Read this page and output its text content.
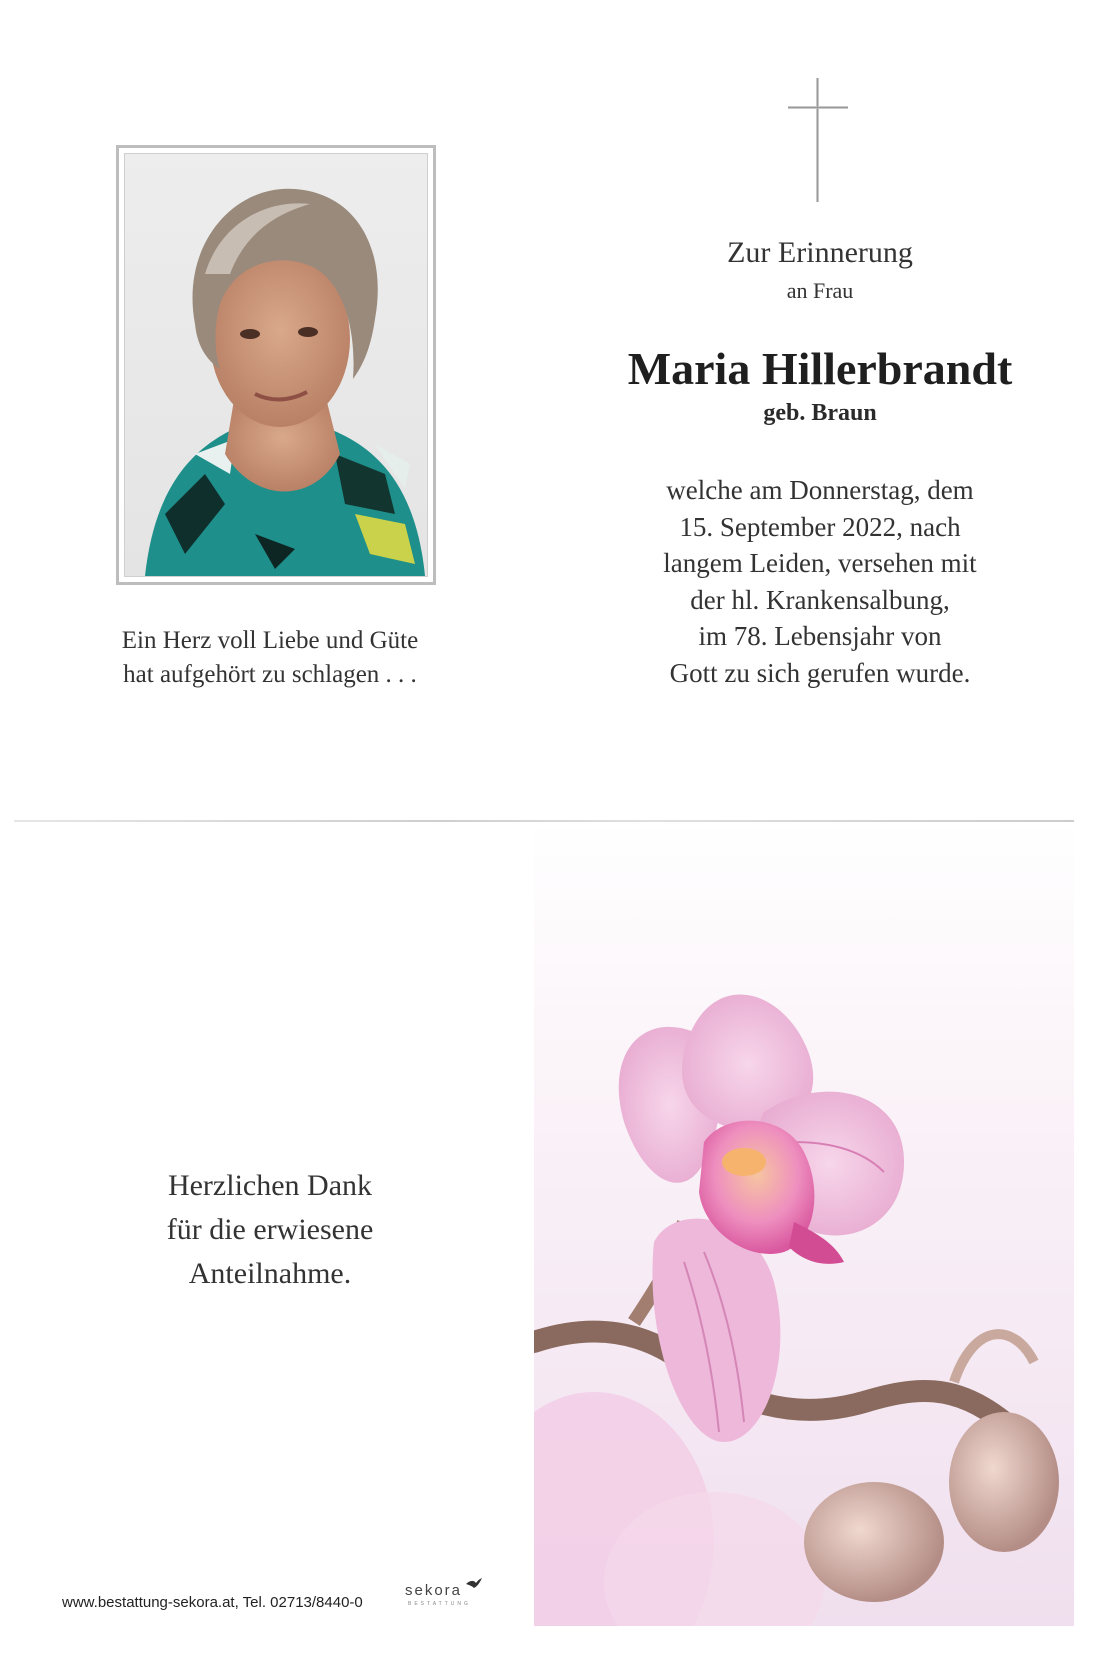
Ein Herz voll Liebe und Güte
hat aufgehört zu schlagen . . .
Zur Erinnerung
an Frau
Maria Hillerbrandt
geb. Braun
welche am Donnerstag, dem
15. September 2022, nach
langem Leiden, versehen mit
der hl. Krankensalbung,
im 78. Lebensjahr von
Gott zu sich gerufen wurde.
Herzlichen Dank
für die erwiesene
Anteilnahme.
www.bestattung-sekora.at, Tel. 02713/8440-0
sekora
BESTATTUNG
